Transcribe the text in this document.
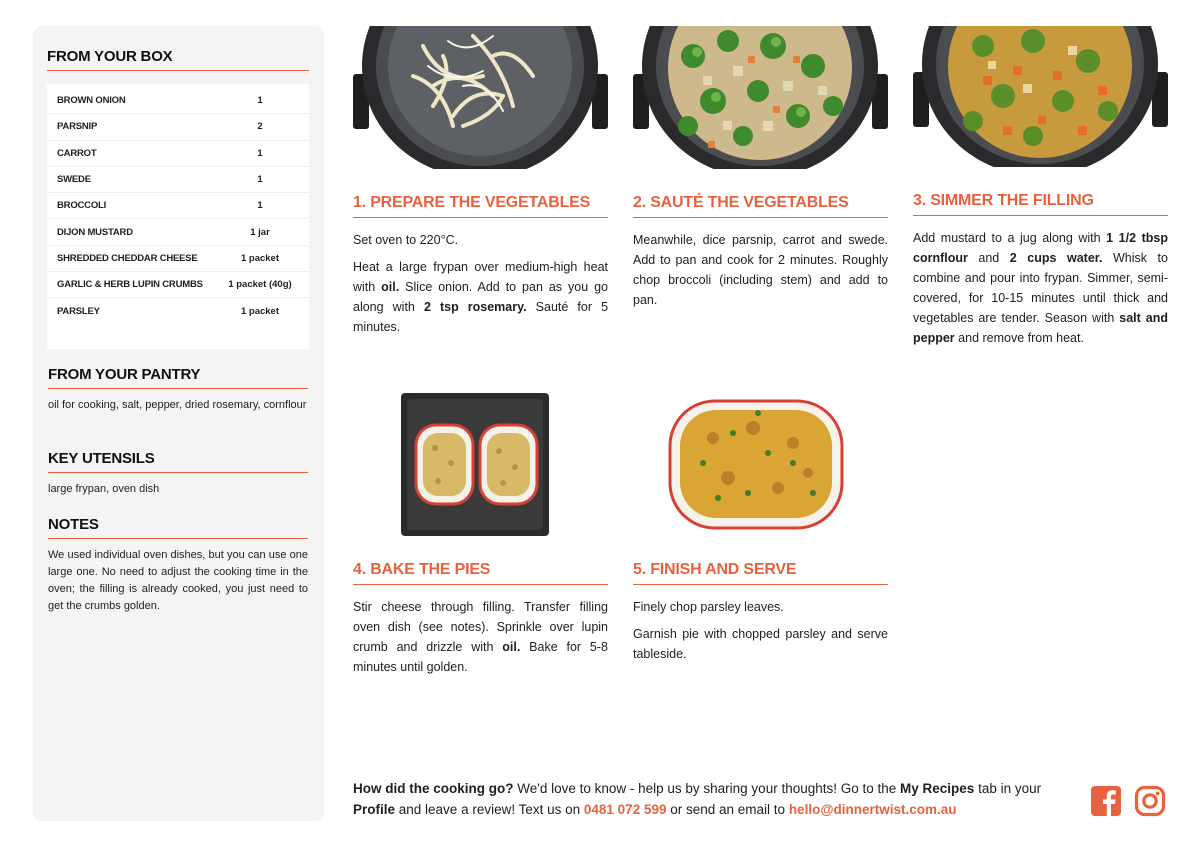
FROM YOUR BOX
BROWN ONION	1
PARSNIP	2
CARROT	1
SWEDE	1
BROCCOLI	1
DIJON MUSTARD	1 jar
SHREDDED CHEDDAR CHEESE	1 packet
GARLIC & HERB LUPIN CRUMBS	1 packet (40g)
PARSLEY	1 packet
FROM YOUR PANTRY
oil for cooking, salt, pepper, dried rosemary, cornflour
KEY UTENSILS
large frypan, oven dish
NOTES
We used individual oven dishes, but you can use one large one. No need to adjust the cooking time in the oven; the filling is already cooked, you just need to get the crumbs golden.
1. PREPARE THE VEGETABLES

Set oven to 220°C.

Heat a large frypan over medium-high heat with oil. Slice onion. Add to pan as you go along with 2 tsp rosemary. Sauté for 5 minutes.

2. SAUTÉ THE VEGETABLES

Meanwhile, dice parsnip, carrot and swede. Add to pan and cook for 2 minutes. Roughly chop broccoli (including stem) and add to pan.

3. SIMMER THE FILLING

Add mustard to a jug along with 1 1/2 tbsp cornflour and 2 cups water. Whisk to combine and pour into frypan. Simmer, semi-covered, for 10-15 minutes until thick and vegetables are tender. Season with salt and pepper and remove from heat.

4. BAKE THE PIES

Stir cheese through filling. Transfer filling oven dish (see notes). Sprinkle over lupin crumb and drizzle with oil. Bake for 5-8 minutes until golden.

5. FINISH AND SERVE

Finely chop parsley leaves.

Garnish pie with chopped parsley and serve tableside.

How did the cooking go? We'd love to know - help us by sharing your thoughts! Go to the My Recipes tab in your Profile and leave a review! Text us on 0481 072 599 or send an email to hello@dinnertwist.com.au
